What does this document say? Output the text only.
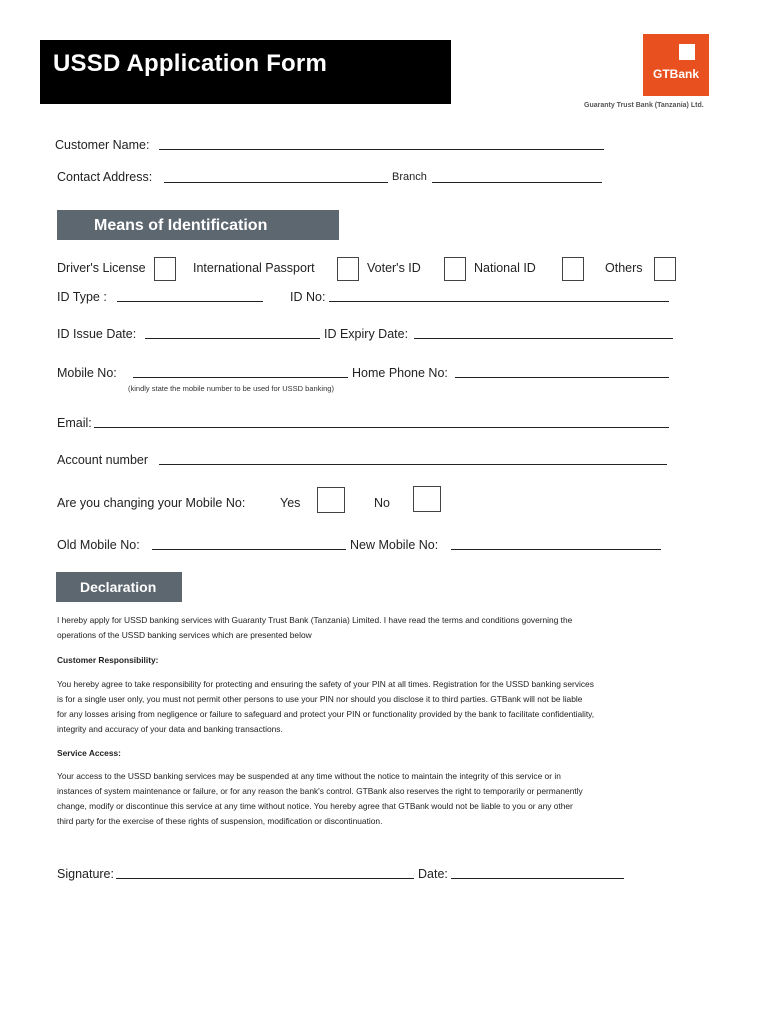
USSD Application Form	GTBank
Guaranty Trust Bank (Tanzania) Ltd.
Customer Name:
Contact Address:	Branch
Means of Identification
Driver's License	International Passport	Voter's ID	National ID	Others
ID Type :	ID No:
ID Issue Date:	ID Expiry Date:
Mobile No:
(kindly state the mobile number to be used for USSD banking)
Home Phone No:
Email:
Account number
Are you changing your Mobile No:	Yes	No
Old Mobile No:	New Mobile No:
Declaration

I hereby apply for USSD banking services with Guaranty Trust Bank (Tanzania) Limited. I have read the terms and conditions governing the

operations of the USSD banking services which are presented below

Customer Responsibility:

You hereby agree to take responsibility for protecting and ensuring the safety of your PIN at all times. Registration for the USSD banking services

is for a single user only, you must not permit other persons to use your PIN nor should you disclose it to third parties. GTBank will not be liable

for any losses arising from negligence or failure to safeguard and protect your PIN or functionality provided by the bank to facilitate confidentiality,

integrity and accuracy of your data and banking transactions.

Service Access:

Your access to the USSD banking services may be suspended at any time without the notice to maintain the integrity of this service or in

instances of system maintenance or failure, or for any reason the bank's control. GTBank also reserves the right to temporarily or permanently

change, modify or discontinue this service at any time without notice. You hereby agree that GTBank would not be liable to you or any other

third party for the exercise of these rights of suspension, modification or discontinuation.

Signature:	Date:
